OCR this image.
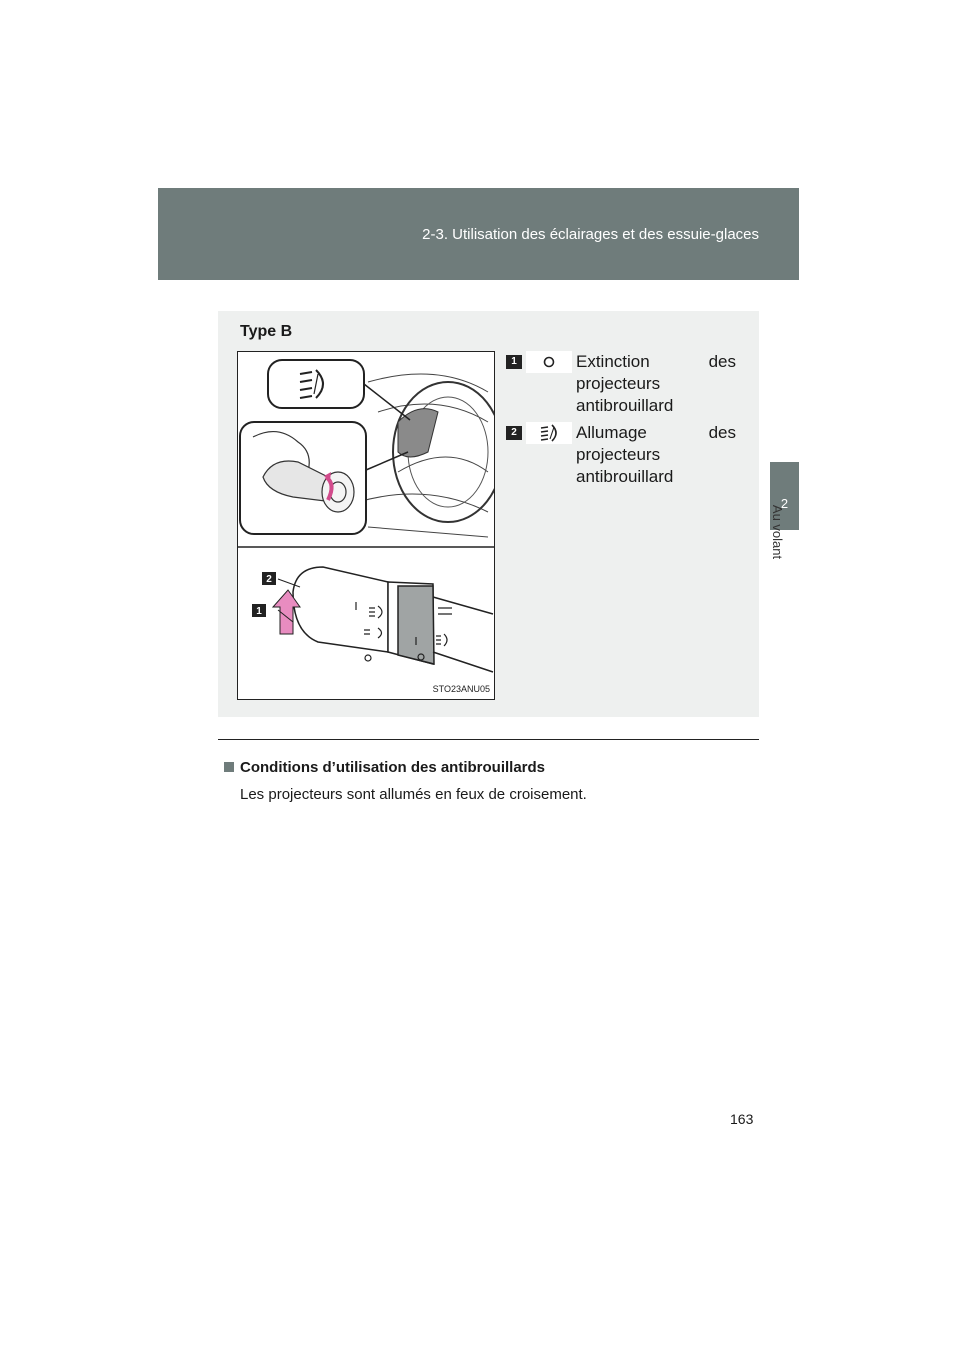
2-3. Utilisation des éclairages et des essuie-glaces
2
Au volant
Type B
2
1
STO23ANU05
1	Extinction	des
projecteurs antibrouillard
2	Allumage	des
projecteurs antibrouillard
Conditions d’utilisation des antibrouillards
Les projecteurs sont allumés en feux de croisement.
163
